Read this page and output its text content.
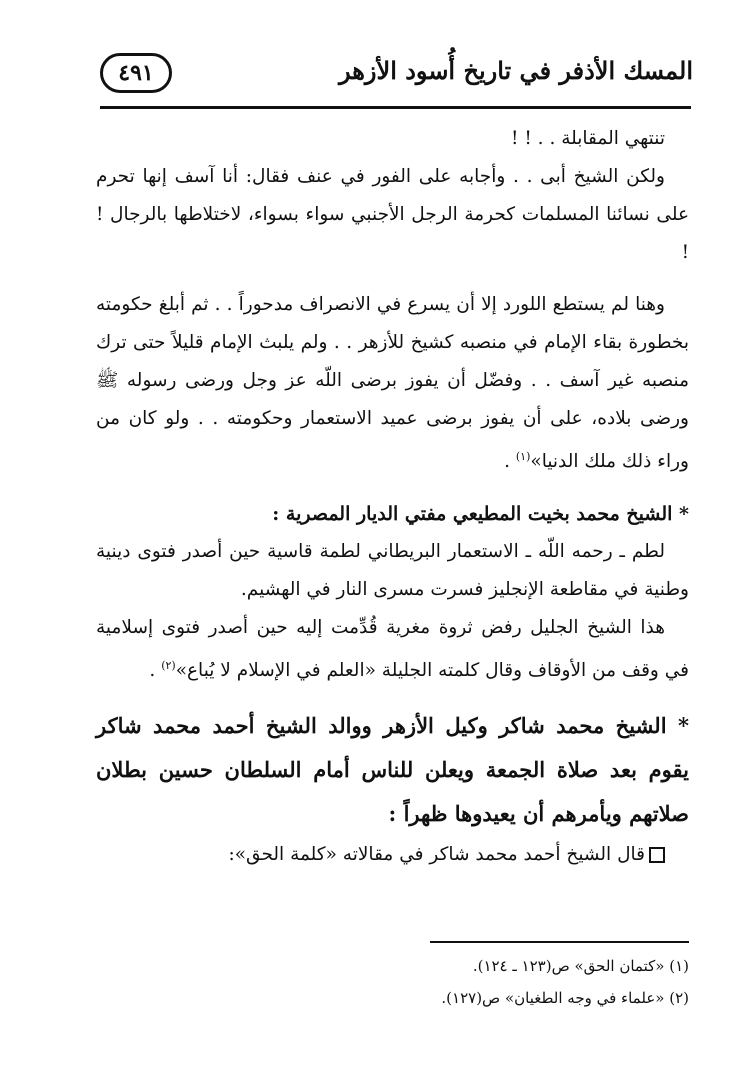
المسك الأذفر في تاريخ أُسود الأزهر
٤٩١

تنتهي المقابلة . . ! !

ولكن الشيخ أبى . . وأجابه على الفور في عنف فقال: أنا آسف إنها تحرم على نسائنا المسلمات كحرمة الرجل الأجنبي سواء بسواء، لاختلاطها بالرجال ! !

وهنا لم يستطع اللورد إلا أن يسرع في الانصراف مدحوراً . . ثم أبلغ حكومته بخطورة بقاء الإمام في منصبه كشيخ للأزهر . . ولم يلبث الإمام قليلاً حتى ترك منصبه غير آسف . . وفضّل أن يفوز برضى اللّه عز وجل ورضى رسوله ﷺ ورضى بلاده، على أن يفوز برضى عميد الاستعمار وحكومته . . ولو كان من وراء ذلك ملك الدنيا»$^{(١)}$ .

* الشيخ محمد بخيت المطيعي مفتي الديار المصرية :

لطم ـ رحمه اللّه ـ الاستعمار البريطاني لطمة قاسية حين أصدر فتوى دينية وطنية في مقاطعة الإنجليز فسرت مسرى النار في الهشيم.

هذا الشيخ الجليل رفض ثروة مغرية قُدِّمت إليه حين أصدر فتوى إسلامية في وقف من الأوقاف وقال كلمته الجليلة «العلم في الإسلام لا يُباع»$^{(٢)}$ .

* الشيخ محمد شاكر وكيل الأزهر ووالد الشيخ أحمد محمد شاكر يقوم بعد صلاة الجمعة ويعلن للناس أمام السلطان حسين بطلان صلاتهم ويأمرهم أن يعيدوها ظهراً :

قال الشيخ أحمد محمد شاكر في مقالاته «كلمة الحق»:

(١) «كتمان الحق» ص(١٢٣ ـ ١٢٤).

(٢) «علماء في وجه الطغيان» ص(١٢٧).
